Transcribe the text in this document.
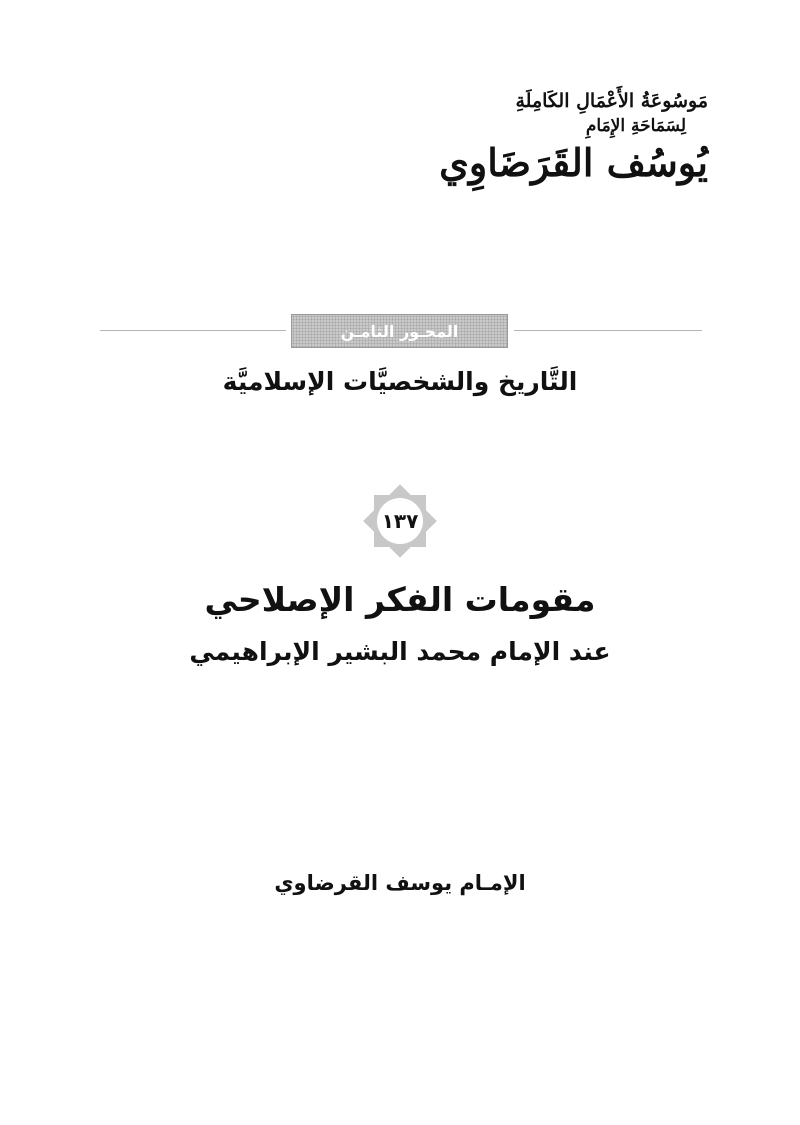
مَوسُوعَةُ الأَعْمَالِ الكَامِلَةِ
لِسَمَاحَةِ الإِمَامِ
يُوسُف القَرَضَاوِي
المحـور الثامـن
التَّاريخ والشخصيَّات الإسلاميَّة
١٣٧
مقومات الفكر الإصلاحي
عند الإمام محمد البشير الإبراهيمي
الإمـام يوسف القرضاوي
